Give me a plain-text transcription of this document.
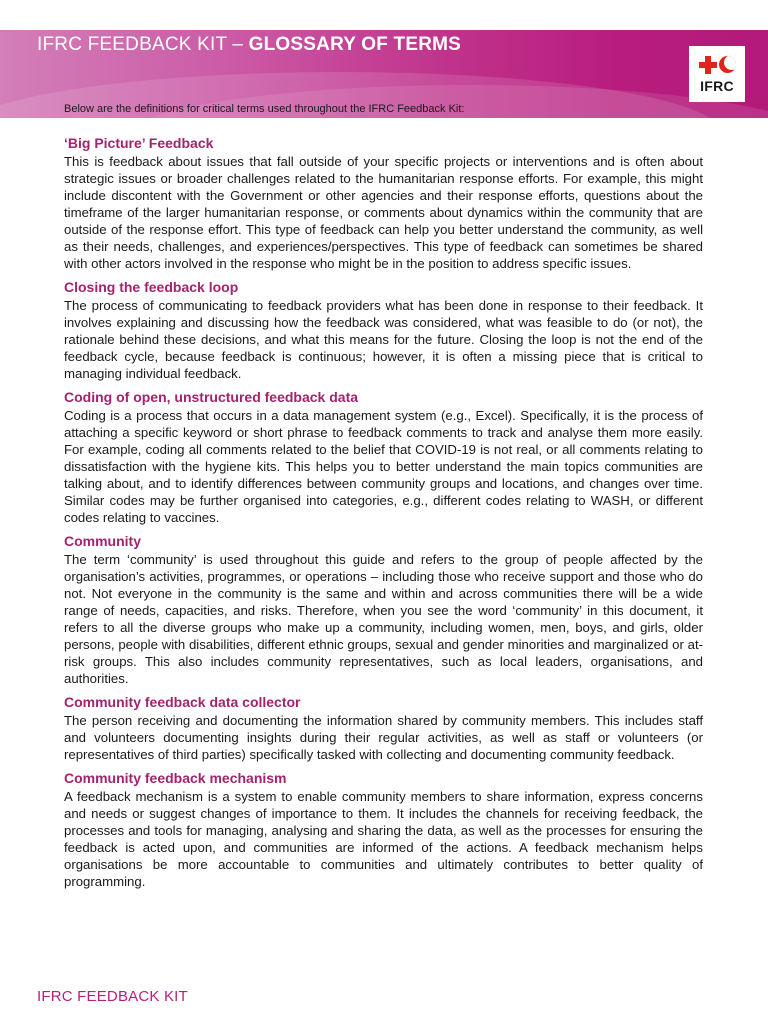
IFRC FEEDBACK KIT – GLOSSARY OF TERMS
IFRC

Below are the definitions for critical terms used throughout the IFRC Feedback Kit:

‘Big Picture’ Feedback

This is feedback about issues that fall outside of your specific projects or interventions and is often about strategic issues or broader challenges related to the humanitarian response efforts. For example, this might include discontent with the Government or other agencies and their response efforts, questions about the timeframe of the larger humanitarian response, or comments about dynamics within the community that are outside of the response effort. This type of feedback can help you better understand the community, as well as their needs, challenges, and experiences/perspectives. This type of feedback can sometimes be shared with other actors involved in the response who might be in the position to address specific issues.

Closing the feedback loop

The process of communicating to feedback providers what has been done in response to their feedback. It involves explaining and discussing how the feedback was considered, what was feasible to do (or not), the rationale behind these decisions, and what this means for the future. Closing the loop is not the end of the feedback cycle, because feedback is continuous; however, it is often a missing piece that is critical to managing individual feedback.

Coding of open, unstructured feedback data

Coding is a process that occurs in a data management system (e.g., Excel). Specifically, it is the process of attaching a specific keyword or short phrase to feedback comments to track and analyse them more easily. For example, coding all comments related to the belief that COVID-19 is not real, or all comments relating to dissatisfaction with the hygiene kits. This helps you to better understand the main topics communities are talking about, and to identify differences between community groups and locations, and changes over time. Similar codes may be further organised into categories, e.g., different codes relating to WASH, or different codes relating to vaccines.

Community

The term ‘community’ is used throughout this guide and refers to the group of people affected by the organisation’s activities, programmes, or operations – including those who receive support and those who do not. Not everyone in the community is the same and within and across communities there will be a wide range of needs, capacities, and risks. Therefore, when you see the word ‘community’ in this document, it refers to all the diverse groups who make up a community, including women, men, boys, and girls, older persons, people with disabilities, different ethnic groups, sexual and gender minorities and marginalized or at-risk groups. This also includes community representatives, such as local leaders, organisations, and authorities.

Community feedback data collector

The person receiving and documenting the information shared by community members. This includes staff and volunteers documenting insights during their regular activities, as well as staff or volunteers (or representatives of third parties) specifically tasked with collecting and documenting community feedback.

Community feedback mechanism

A feedback mechanism is a system to enable community members to share information, express concerns and needs or suggest changes of importance to them. It includes the channels for receiving feedback, the processes and tools for managing, analysing and sharing the data, as well as the processes for ensuring the feedback is acted upon, and communities are informed of the actions. A feedback mechanism helps organisations be more accountable to communities and ultimately contributes to better quality of programming.

IFRC FEEDBACK KIT
